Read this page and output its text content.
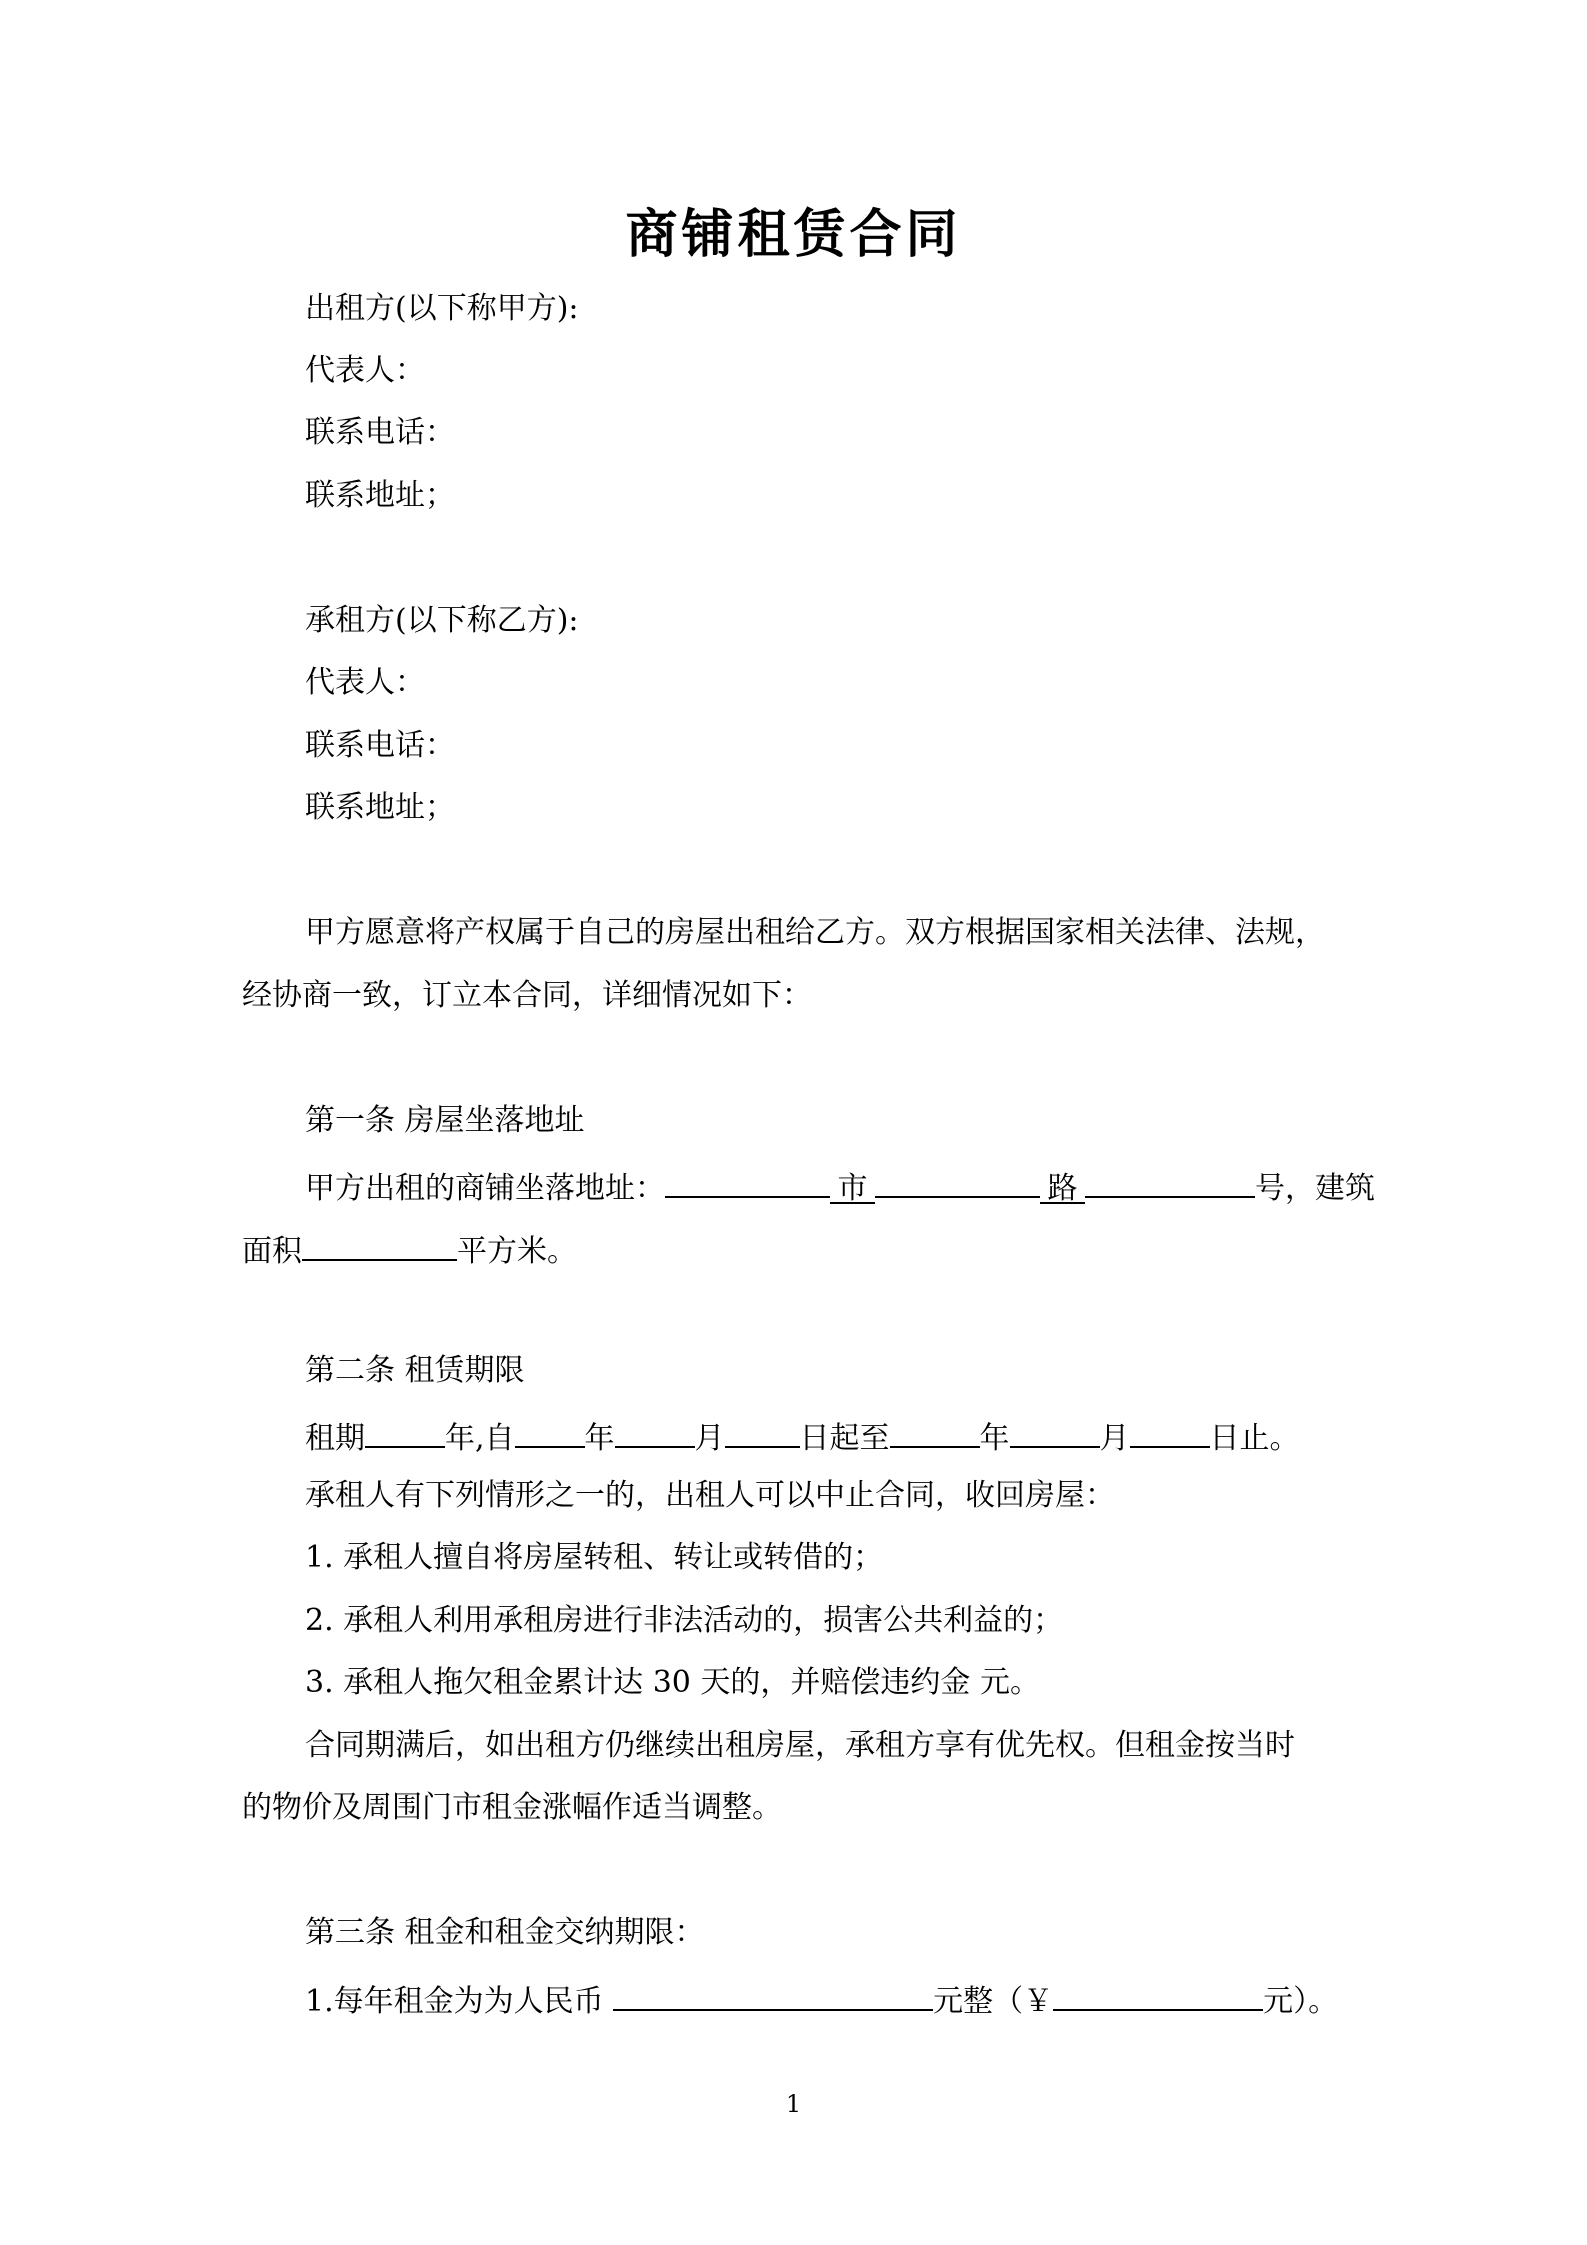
商铺租赁合同
出租方(以下称甲方):
代表人：
联系电话：
联系地址；
承租方(以下称乙方):
代表人：
联系电话：
联系地址；
甲方愿意将产权属于自己的房屋出租给乙方。双方根据国家相关法律、法规，
经协商一致，订立本合同，详细情况如下：
第一条 房屋坐落地址
甲方出租的商铺坐落地址：	市	路	号，建筑
面积	平方米。
第二条 租赁期限
租期	年,自 年	月	日起至	年	月	日止。
承租人有下列情形之一的，出租人可以中止合同，收回房屋：
1. 承租人擅自将房屋转租、转让或转借的；
2. 承租人利用承租房进行非法活动的，损害公共利益的；
3. 承租人拖欠租金累计达 30 天的，并赔偿违约金 元。
合同期满后，如出租方仍继续出租房屋，承租方享有优先权。但租金按当时
的物价及周围门市租金涨幅作适当调整。
第三条 租金和租金交纳期限：
1.每年租金为为人民币	元整（￥	元）。
1
